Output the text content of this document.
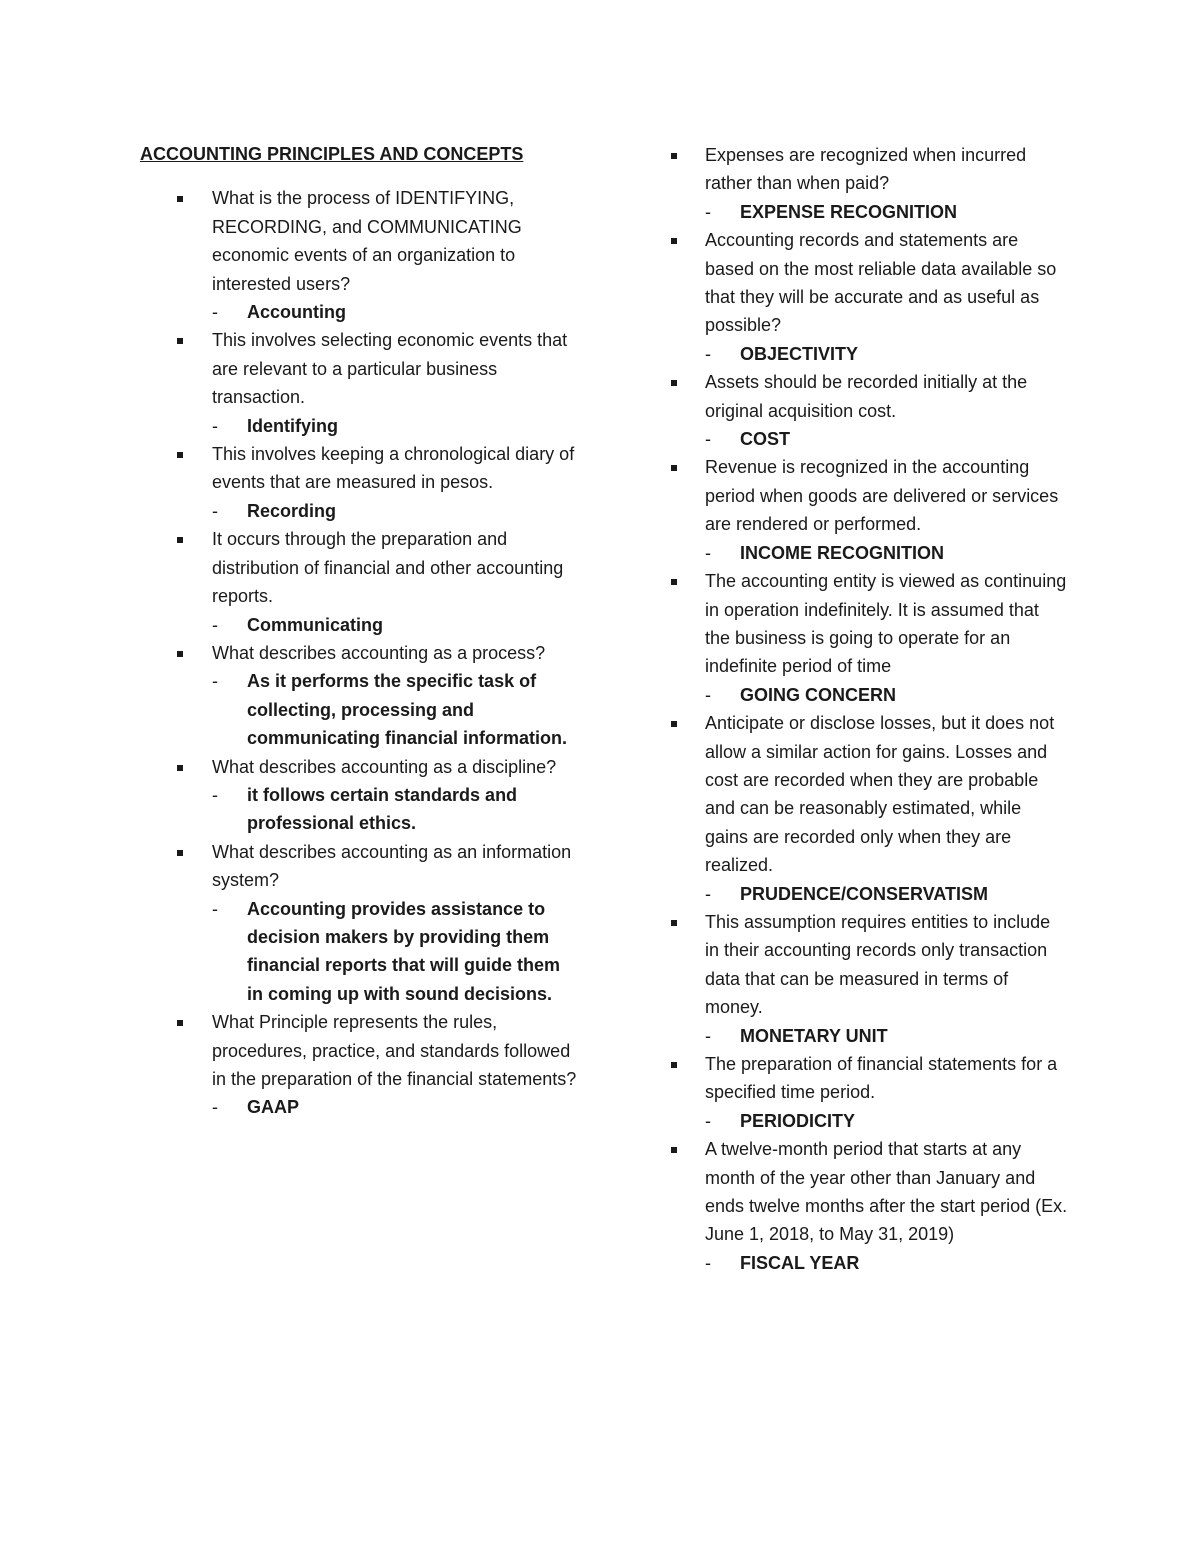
ACCOUNTING PRINCIPLES AND CONCEPTS
What is the process of IDENTIFYING, RECORDING, and COMMUNICATING economic events of an organization to interested users?
- Accounting
This involves selecting economic events that are relevant to a particular business transaction.
- Identifying
This involves keeping a chronological diary of events that are measured in pesos.
- Recording
It occurs through the preparation and distribution of financial and other accounting reports.
- Communicating
What describes accounting as a process?
- As it performs the specific task of collecting, processing and communicating financial information.
What describes accounting as a discipline?
- it follows certain standards and professional ethics.
What describes accounting as an information system?
- Accounting provides assistance to decision makers by providing them financial reports that will guide them in coming up with sound decisions.
What Principle represents the rules, procedures, practice, and standards followed in the preparation of the financial statements?
- GAAP
Expenses are recognized when incurred rather than when paid?
- EXPENSE RECOGNITION
Accounting records and statements are based on the most reliable data available so that they will be accurate and as useful as possible?
- OBJECTIVITY
Assets should be recorded initially at the original acquisition cost.
- COST
Revenue is recognized in the accounting period when goods are delivered or services are rendered or performed.
- INCOME RECOGNITION
The accounting entity is viewed as continuing in operation indefinitely. It is assumed that the business is going to operate for an indefinite period of time
- GOING CONCERN
Anticipate or disclose losses, but it does not allow a similar action for gains. Losses and cost are recorded when they are probable and can be reasonably estimated, while gains are recorded only when they are realized.
- PRUDENCE/CONSERVATISM
This assumption requires entities to include in their accounting records only transaction data that can be measured in terms of money.
- MONETARY UNIT
The preparation of financial statements for a specified time period.
- PERIODICITY
A twelve-month period that starts at any month of the year other than January and ends twelve months after the start period (Ex. June 1, 2018, to May 31, 2019)
- FISCAL YEAR
